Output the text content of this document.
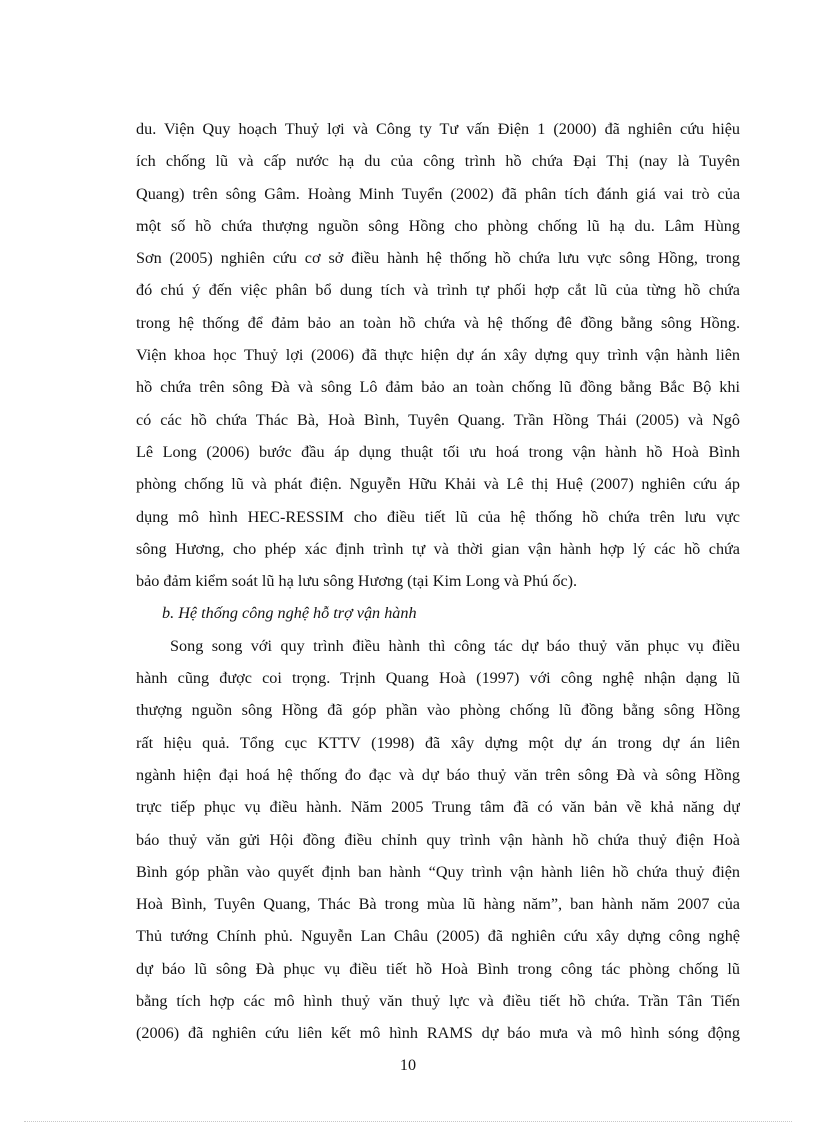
du. Viện Quy hoạch Thuỷ lợi và Công ty Tư vấn Điện 1 (2000) đã nghiên cứu hiệu
ích chống lũ và cấp nước hạ du của công trình hồ chứa Đại Thị (nay là Tuyên
Quang) trên sông Gâm. Hoàng Minh Tuyển (2002) đã phân tích đánh giá vai trò của
một số hồ chứa thượng nguồn sông Hồng cho phòng chống lũ hạ du. Lâm Hùng
Sơn (2005) nghiên cứu cơ sở điều hành hệ thống hồ chứa lưu vực sông Hồng, trong
đó chú ý đến việc phân bổ dung tích và trình tự phối hợp cắt lũ của từng hồ chứa
trong hệ thống để đảm bảo an toàn hồ chứa và hệ thống đê đồng bằng sông Hồng.
Viện khoa học Thuỷ lợi (2006) đã thực hiện dự án xây dựng quy trình vận hành liên
hồ chứa trên sông Đà và sông Lô đảm bảo an toàn chống lũ đồng bằng Bắc Bộ khi
có các hồ chứa Thác Bà, Hoà Bình, Tuyên Quang. Trần Hồng Thái (2005) và Ngô
Lê Long (2006) bước đầu áp dụng thuật tối ưu hoá trong vận hành hồ Hoà Bình
phòng chống lũ và phát điện. Nguyễn Hữu Khải và Lê thị Huệ (2007) nghiên cứu áp
dụng mô hình HEC-RESSIM cho điều tiết lũ của hệ thống hồ chứa trên lưu vực
sông Hương, cho phép xác định trình tự và thời gian vận hành hợp lý các hồ chứa
bảo đảm kiểm soát lũ hạ lưu sông Hương (tại Kim Long và Phú ốc).
b. Hệ thống công nghệ hỗ trợ vận hành
Song song với quy trình điều hành thì công tác dự báo thuỷ văn phục vụ điều
hành cũng được coi trọng. Trịnh Quang Hoà (1997) với công nghệ nhận dạng lũ
thượng nguồn sông Hồng đã góp phần vào phòng chống lũ đồng bằng sông Hồng
rất hiệu quả. Tổng cục KTTV (1998) đã xây dựng một dự án trong dự án liên
ngành hiện đại hoá hệ thống đo đạc và dự báo thuỷ văn trên sông Đà và sông Hồng
trực tiếp phục vụ điều hành. Năm 2005 Trung tâm đã có văn bản về khả năng dự
báo thuỷ văn gửi Hội đồng điều chỉnh quy trình vận hành hồ chứa thuỷ điện Hoà
Bình góp phần vào quyết định ban hành “Quy trình vận hành liên hồ chứa thuỷ điện
Hoà Bình, Tuyên Quang, Thác Bà trong mùa lũ hàng năm”, ban hành năm 2007 của
Thủ tướng Chính phủ. Nguyễn Lan Châu (2005) đã nghiên cứu xây dựng công nghệ
dự báo lũ sông Đà phục vụ điều tiết hồ Hoà Bình trong công tác phòng chống lũ
bằng tích hợp các mô hình thuỷ văn thuỷ lực và điều tiết hồ chứa. Trần Tân Tiến
(2006) đã nghiên cứu liên kết mô hình RAMS dự báo mưa và mô hình sóng động
10
